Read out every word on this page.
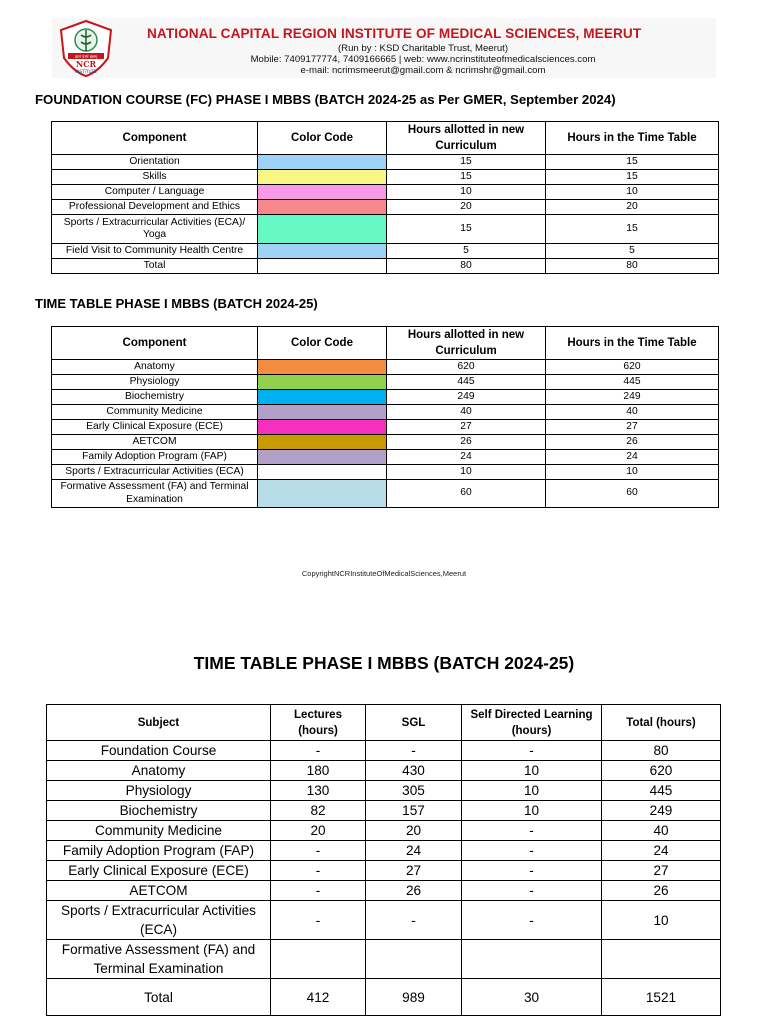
ज्ञानं परमं बलम्
NCR
INSTITUTE
NATIONAL CAPITAL REGION INSTITUTE OF MEDICAL SCIENCES, MEERUT
(Run by : KSD Charitable Trust, Meerut)
Mobile: 7409177774, 7409166665 | web: www.ncrinstituteofmedicalsciences.com
e-mail: ncrimsmeerut@gmail.com & ncrimshr@gmail.com
FOUNDATION COURSE (FC) PHASE I MBBS (BATCH 2024-25 as Per GMER, September 2024)
Component	Color Code	Hours allotted in new Curriculum	Hours in the Time Table
Orientation		15	15
Skills		15	15
Computer / Language		10	10
Professional Development and Ethics		20	20
Sports / Extracurricular Activities (ECA)/ Yoga		15	15
Field Visit to Community Health Centre		5	5
Total		80	80
TIME TABLE PHASE I MBBS (BATCH 2024-25)
Component	Color Code	Hours allotted in new Curriculum	Hours in the Time Table
Anatomy		620	620
Physiology		445	445
Biochemistry		249	249
Community Medicine		40	40
Early Clinical Exposure (ECE)		27	27
AETCOM		26	26
Family Adoption Program (FAP)		24	24
Sports / Extracurricular Activities (ECA)		10	10
Formative Assessment (FA) and Terminal Examination		60	60
CopyrightNCRInstituteOfMedicalSciences,Meerut
TIME TABLE PHASE I MBBS (BATCH 2024-25)
Subject	Lectures (hours)	SGL	Self Directed Learning (hours)	Total (hours)
Foundation Course	-	-	-	80
Anatomy	180	430	10	620
Physiology	130	305	10	445
Biochemistry	82	157	10	249
Community Medicine	20	20	-	40
Family Adoption Program (FAP)	-	24	-	24
Early Clinical Exposure (ECE)	-	27	-	27
AETCOM	-	26	-	26
Sports / Extracurricular Activities (ECA)	-	-	-	10
Formative Assessment (FA) and Terminal Examination				
Total	412	989	30	1521
